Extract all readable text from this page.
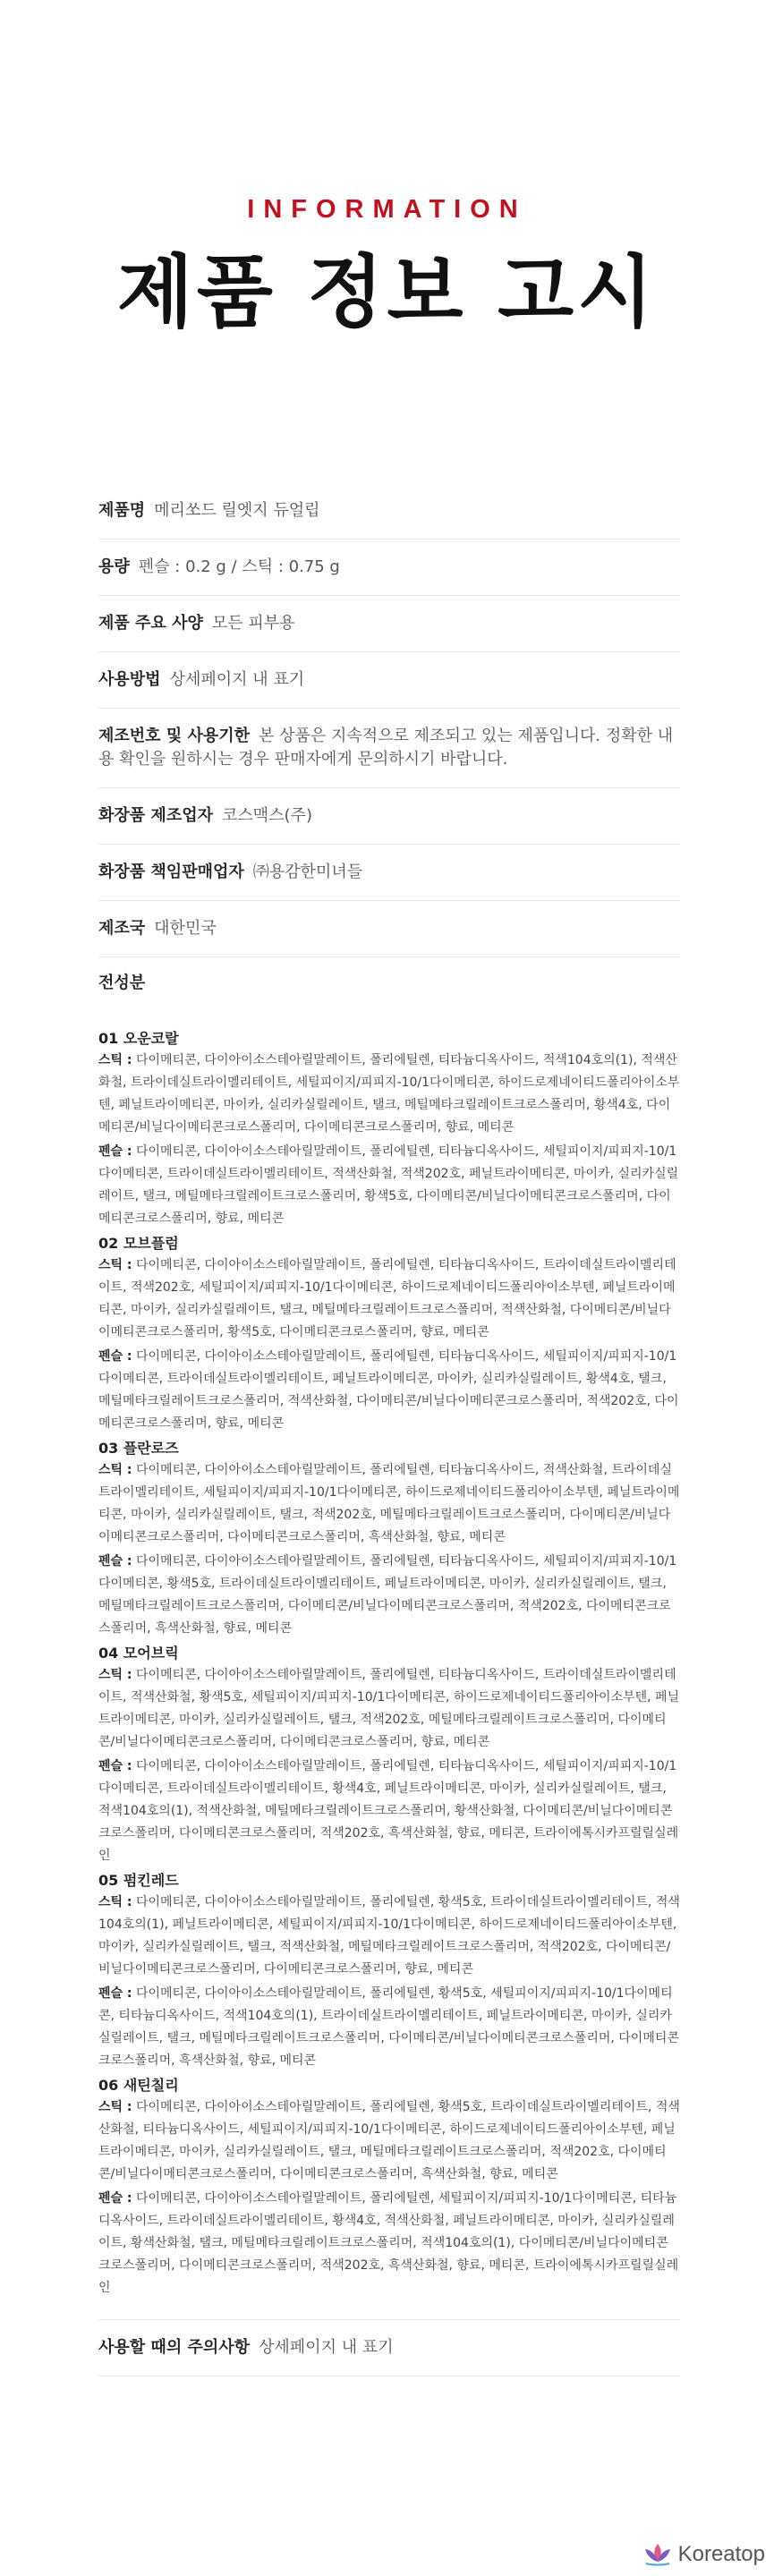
INFORMATION
제품 정보 고시
제품명 메리쏘드 릴엣지 듀얼립
용량 펜슬 : 0.2 g / 스틱 : 0.75 g
제품 주요 사양 모든 피부용
사용방법 상세페이지 내 표기
제조번호 및 사용기한 본 상품은 지속적으로 제조되고 있는 제품입니다. 정확한 내용 확인을 원하시는 경우 판매자에게 문의하시기 바랍니다.
화장품 제조업자 코스맥스(주)
화장품 책임판매업자 ㈜용감한미녀들
제조국 대한민국
전성분
01 오운코랄
스틱 : 다이메티콘, 다이아이소스테아릴말레이트, 폴리에틸렌, 티타늄디옥사이드, 적색104호의(1), 적색산화철, 트라이데실트라이멜리테이트, 세틸피이지/피피지-10/1다이메티콘, 하이드로제네이티드폴리아이소부텐, 페닐트라이메티콘, 마이카, 실리카실릴레이트, 탤크, 메틸메타크릴레이트크로스폴리머, 황색4호, 다이메티콘/비닐다이메티콘크로스폴리머, 다이메티콘크로스폴리머, 향료, 메티콘
펜슬 : 다이메티콘, 다이아이소스테아릴말레이트, 폴리에틸렌, 티타늄디옥사이드, 세틸피이지/피피지-10/1다이메티콘, 트라이데실트라이멜리테이트, 적색산화철, 적색202호, 페닐트라이메티콘, 마이카, 실리카실릴레이트, 탤크, 메틸메타크릴레이트크로스폴리머, 황색5호, 다이메티콘/비닐다이메티콘크로스폴리머, 다이메티콘크로스폴리머, 향료, 메티콘
02 모브플럼
스틱 : 다이메티콘, 다이아이소스테아릴말레이트, 폴리에틸렌, 티타늄디옥사이드, 트라이데실트라이멜리테이트, 적색202호, 세틸피이지/피피지-10/1다이메티콘, 하이드로제네이티드폴리아이소부텐, 페닐트라이메티콘, 마이카, 실리카실릴레이트, 탤크, 메틸메타크릴레이트크로스폴리머, 적색산화철, 다이메티콘/비닐다이메티콘크로스폴리머, 황색5호, 다이메티콘크로스폴리머, 향료, 메티콘
펜슬 : 다이메티콘, 다이아이소스테아릴말레이트, 폴리에틸렌, 티타늄디옥사이드, 세틸피이지/피피지-10/1다이메티콘, 트라이데실트라이멜리테이트, 페닐트라이메티콘, 마이카, 실리카실릴레이트, 황색4호, 탤크, 메틸메타크릴레이트크로스폴리머, 적색산화철, 다이메티콘/비닐다이메티콘크로스폴리머, 적색202호, 다이메티콘크로스폴리머, 향료, 메티콘
03 플란로즈
스틱 : 다이메티콘, 다이아이소스테아릴말레이트, 폴리에틸렌, 티타늄디옥사이드, 적색산화철, 트라이데실트라이멜리테이트, 세틸피이지/피피지-10/1다이메티콘, 하이드로제네이티드폴리아이소부텐, 페닐트라이메티콘, 마이카, 실리카실릴레이트, 탤크, 적색202호, 메틸메타크릴레이트크로스폴리머, 다이메티콘/비닐다이메티콘크로스폴리머, 다이메티콘크로스폴리머, 흑색산화철, 향료, 메티콘
펜슬 : 다이메티콘, 다이아이소스테아릴말레이트, 폴리에틸렌, 티타늄디옥사이드, 세틸피이지/피피지-10/1다이메티콘, 황색5호, 트라이데실트라이멜리테이트, 페닐트라이메티콘, 마이카, 실리카실릴레이트, 탤크, 메틸메타크릴레이트크로스폴리머, 다이메티콘/비닐다이메티콘크로스폴리머, 적색202호, 다이메티콘크로스폴리머, 흑색산화철, 향료, 메티콘
04 모어브릭
스틱 : 다이메티콘, 다이아이소스테아릴말레이트, 폴리에틸렌, 티타늄디옥사이드, 트라이데실트라이멜리테이트, 적색산화철, 황색5호, 세틸피이지/피피지-10/1다이메티콘, 하이드로제네이티드폴리아이소부텐, 페닐트라이메티콘, 마이카, 실리카실릴레이트, 탤크, 적색202호, 메틸메타크릴레이트크로스폴리머, 다이메티콘/비닐다이메티콘크로스폴리머, 다이메티콘크로스폴리머, 향료, 메티콘
펜슬 : 다이메티콘, 다이아이소스테아릴말레이트, 폴리에틸렌, 티타늄디옥사이드, 세틸피이지/피피지-10/1다이메티콘, 트라이데실트라이멜리테이트, 황색4호, 페닐트라이메티콘, 마이카, 실리카실릴레이트, 탤크, 적색104호의(1), 적색산화철, 메틸메타크릴레이트크로스폴리머, 황색산화철, 다이메티콘/비닐다이메티콘크로스폴리머, 다이메티콘크로스폴리머, 적색202호, 흑색산화철, 향료, 메티콘, 트라이에톡시카프릴릴실레인
05 펌킨레드
스틱 : 다이메티콘, 다이아이소스테아릴말레이트, 폴리에틸렌, 황색5호, 트라이데실트라이멜리테이트, 적색104호의(1), 페닐트라이메티콘, 세틸피이지/피피지-10/1다이메티콘, 하이드로제네이티드폴리아이소부텐, 마이카, 실리카실릴레이트, 탤크, 적색산화철, 메틸메타크릴레이트크로스폴리머, 적색202호, 다이메티콘/비닐다이메티콘크로스폴리머, 다이메티콘크로스폴리머, 향료, 메티콘
펜슬 : 다이메티콘, 다이아이소스테아릴말레이트, 폴리에틸렌, 황색5호, 세틸피이지/피피지-10/1다이메티콘, 티타늄디옥사이드, 적색104호의(1), 트라이데실트라이멜리테이트, 페닐트라이메티콘, 마이카, 실리카실릴레이트, 탤크, 메틸메타크릴레이트크로스폴리머, 다이메티콘/비닐다이메티콘크로스폴리머, 다이메티콘크로스폴리머, 흑색산화철, 향료, 메티콘
06 새틴칠리
스틱 : 다이메티콘, 다이아이소스테아릴말레이트, 폴리에틸렌, 황색5호, 트라이데실트라이멜리테이트, 적색산화철, 티타늄디옥사이드, 세틸피이지/피피지-10/1다이메티콘, 하이드로제네이티드폴리아이소부텐, 페닐트라이메티콘, 마이카, 실리카실릴레이트, 탤크, 메틸메타크릴레이트크로스폴리머, 적색202호, 다이메티콘/비닐다이메티콘크로스폴리머, 다이메티콘크로스폴리머, 흑색산화철, 향료, 메티콘
펜슬 : 다이메티콘, 다이아이소스테아릴말레이트, 폴리에틸렌, 세틸피이지/피피지-10/1다이메티콘, 티타늄디옥사이드, 트라이데실트라이멜리테이트, 황색4호, 적색산화철, 페닐트라이메티콘, 마이카, 실리카실릴레이트, 황색산화철, 탤크, 메틸메타크릴레이트크로스폴리머, 적색104호의(1), 다이메티콘/비닐다이메티콘크로스폴리머, 다이메티콘크로스폴리머, 적색202호, 흑색산화철, 향료, 메티콘, 트라이에톡시카프릴릴실레인
사용할 때의 주의사항 상세페이지 내 표기
Koreatop
